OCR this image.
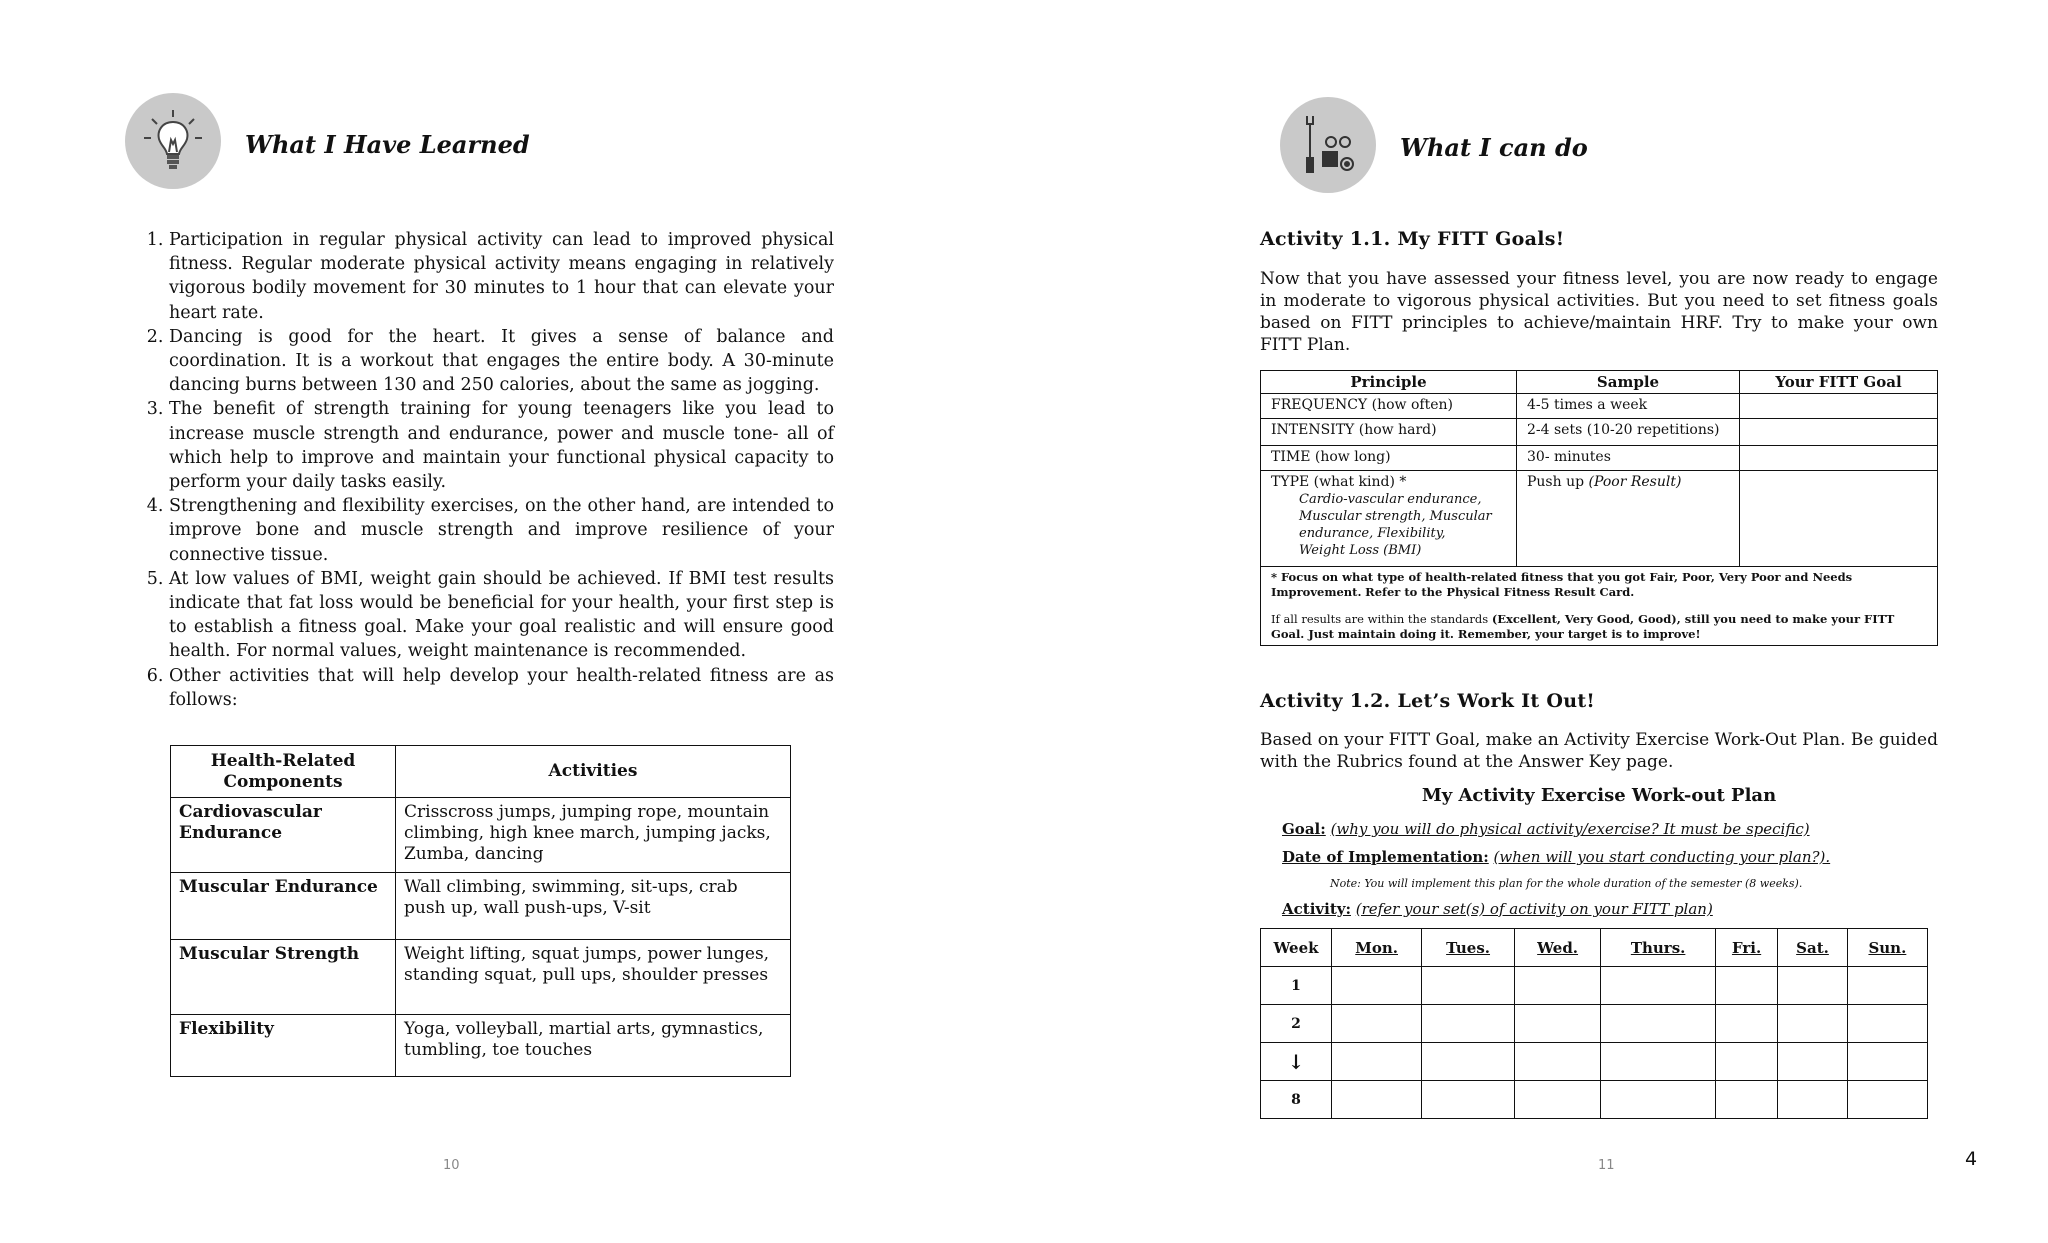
What I Have Learned
1. Participation in regular physical activity can lead to improved physical fitness. Regular moderate physical activity means engaging in relatively vigorous bodily movement for 30 minutes to 1 hour that can elevate your heart rate.
2. Dancing is good for the heart. It gives a sense of balance and coordination. It is a workout that engages the entire body. A 30-minute dancing burns between 130 and 250 calories, about the same as jogging.
3. The benefit of strength training for young teenagers like you lead to increase muscle strength and endurance, power and muscle tone- all of which help to improve and maintain your functional physical capacity to perform your daily tasks easily.
4. Strengthening and flexibility exercises, on the other hand, are intended to improve bone and muscle strength and improve resilience of your connective tissue.
5. At low values of BMI, weight gain should be achieved. If BMI test results indicate that fat loss would be beneficial for your health, your first step is to establish a fitness goal. Make your goal realistic and will ensure good health. For normal values, weight maintenance is recommended.
6. Other activities that will help develop your health-related fitness are as follows:
Health-Related Components	Activities
Cardiovascular Endurance	Crisscross jumps, jumping rope, mountain climbing, high knee march, jumping jacks, Zumba, dancing
Muscular Endurance	Wall climbing, swimming, sit-ups, crab push up, wall push-ups, V-sit
Muscular Strength	Weight lifting, squat jumps, power lunges, standing squat, pull ups, shoulder presses
Flexibility	Yoga, volleyball, martial arts, gymnastics, tumbling, toe touches
10
What I can do
Activity 1.1. My FITT Goals!

Now that you have assessed your fitness level, you are now ready to engage in moderate to vigorous physical activities. But you need to set fitness goals based on FITT principles to achieve/maintain HRF. Try to make your own FITT Plan.

Principle	Sample	Your FITT Goal
FREQUENCY (how often)	4-5 times a week	
INTENSITY (how hard)	2-4 sets (10-20 repetitions)	
TIME (how long)	30- minutes	
TYPE (what kind) *
Cardio-vascular endurance,
Muscular strength, Muscular
endurance, Flexibility,
Weight Loss (BMI)	Push up (Poor Result)	
* Focus on what type of health-related fitness that you got Fair, Poor, Very Poor and Needs Improvement. Refer to the Physical Fitness Result Card.
If all results are within the standards (Excellent, Very Good, Good), still you need to make your FITT Goal. Just maintain doing it. Remember, your target is to improve!		
Activity 1.2. Let’s Work It Out!

Based on your FITT Goal, make an Activity Exercise Work-Out Plan. Be guided with the Rubrics found at the Answer Key page.

My Activity Exercise Work-out Plan
Goal: (why you will do physical activity/exercise? It must be specific)
Date of Implementation: (when will you start conducting your plan?).
Note: You will implement this plan for the whole duration of the semester (8 weeks).
Activity: (refer your set(s) of activity on your FITT plan)
Week	Mon.	Tues.	Wed.	Thurs.	Fri.	Sat.	Sun.
1							
2							
↓							
8							
11	4
